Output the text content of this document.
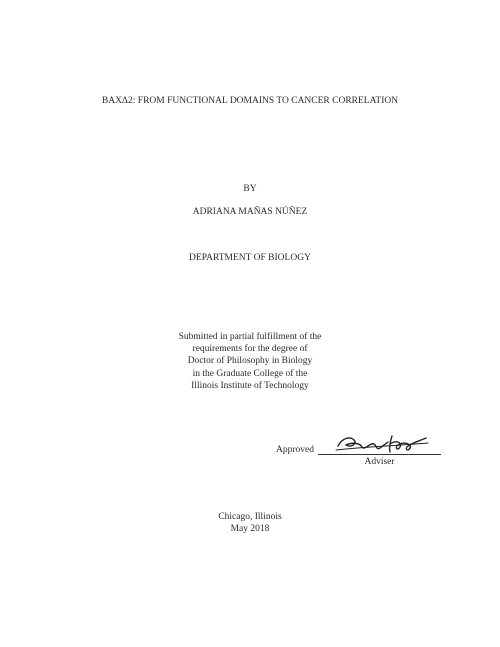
BAXΔ2: FROM FUNCTIONAL DOMAINS TO CANCER CORRELATION
BY
ADRIANA MAÑAS NÚÑEZ
DEPARTMENT OF BIOLOGY
Submitted in partial fulfillment of the
requirements for the degree of
Doctor of Philosophy in Biology
in the Graduate College of the
Illinois Institute of Technology
Approved
Adviser
Chicago, Illinois
May 2018
